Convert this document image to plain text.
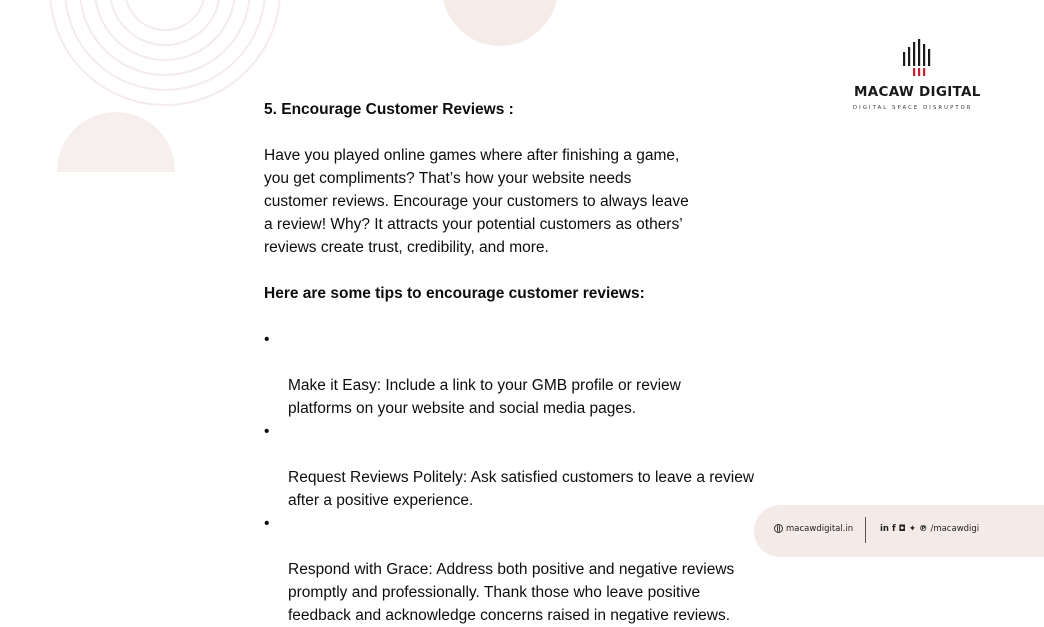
MACAW DIGITAL
DIGITAL SPACE DISRUPTOR
5. Encourage Customer Reviews :
Have you played online games where after finishing a game,
you get compliments? That’s how your website needs
customer reviews. Encourage your customers to always leave
a review! Why? It attracts your potential customers as others’
reviews create trust, credibility, and more.
Here are some tips to encourage customer reviews:

•

Make it Easy: Include a link to your GMB profile or review
platforms on your website and social media pages.

•

Request Reviews Politely: Ask satisfied customers to leave a review
after a positive experience.

•

Respond with Grace: Address both positive and negative reviews
promptly and professionally. Thank those who leave positive
feedback and acknowledge concerns raised in negative reviews.

macawdigital.in	in f ◘ ✦ ℗ /macawdigi
